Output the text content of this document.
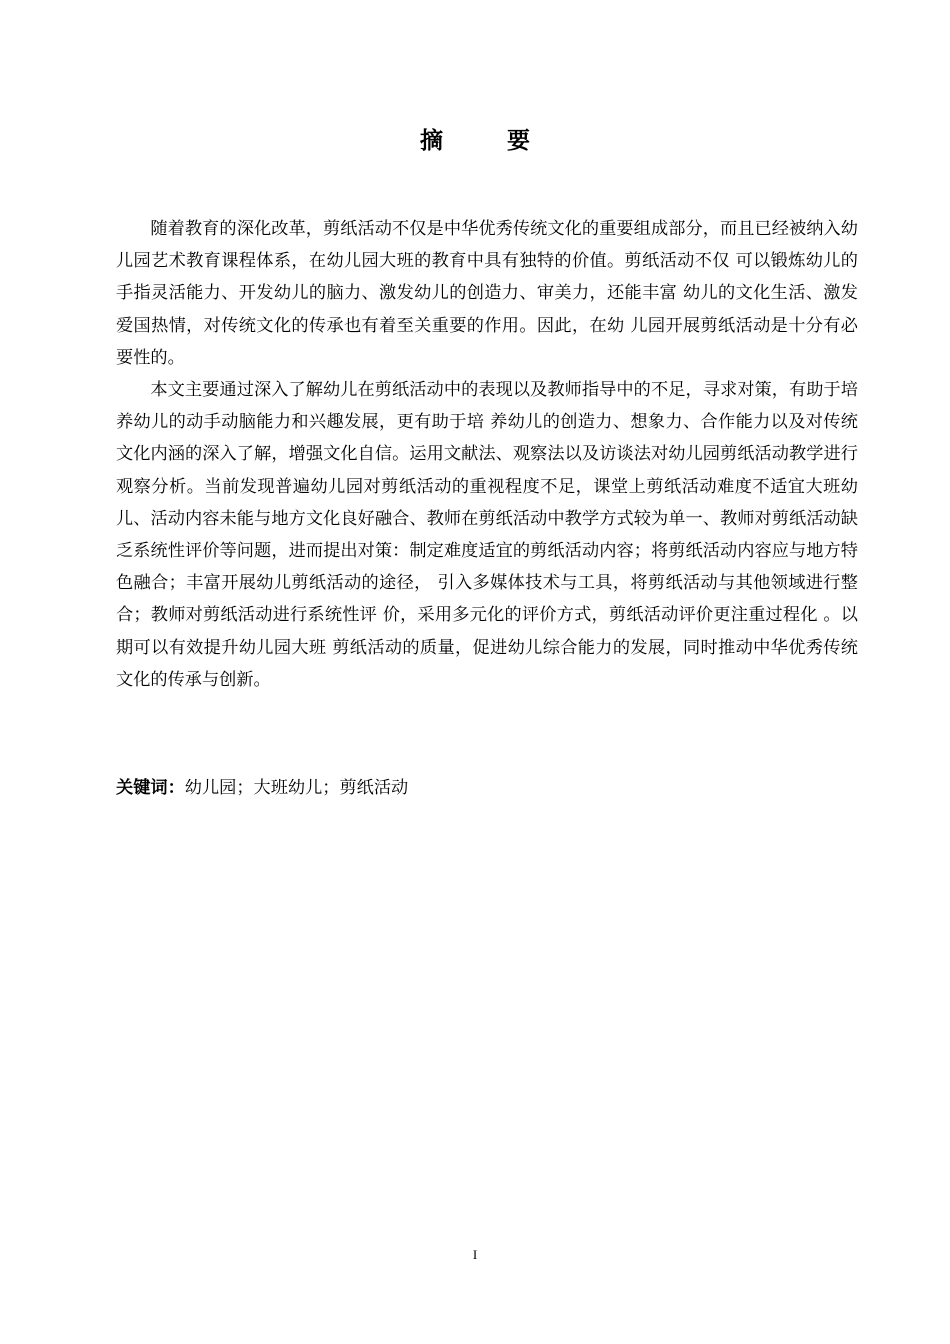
摘 要

随着教育的深化改革，剪纸活动不仅是中华优秀传统文化的重要组成部分，而且已经被纳入幼儿园艺术教育课程体系，在幼儿园大班的教育中具有独特的价值。剪纸活动不仅 可以锻炼幼儿的手指灵活能力、开发幼儿的脑力、激发幼儿的创造力、审美力，还能丰富 幼儿的文化生活、激发爱国热情，对传统文化的传承也有着至关重要的作用。因此，在幼 儿园开展剪纸活动是十分有必要性的。

本文主要通过深入了解幼儿在剪纸活动中的表现以及教师指导中的不足，寻求对策，有助于培养幼儿的动手动脑能力和兴趣发展，更有助于培 养幼儿的创造力、想象力、合作能力以及对传统文化内涵的深入了解，增强文化自信。运用文献法、观察法以及访谈法对幼儿园剪纸活动教学进行观察分析。当前发现普遍幼儿园对剪纸活动的重视程度不足，课堂上剪纸活动难度不适宜大班幼儿、活动内容未能与地方文化良好融合、教师在剪纸活动中教学方式较为单一、教师对剪纸活动缺乏系统性评价等问题，进而提出对策：制定难度适宜的剪纸活动内容；将剪纸活动内容应与地方特色融合；丰富开展幼儿剪纸活动的途径， 引入多媒体技术与工具，将剪纸活动与其他领域进行整合；教师对剪纸活动进行系统性评 价，采用多元化的评价方式，剪纸活动评价更注重过程化 。以期可以有效提升幼儿园大班 剪纸活动的质量，促进幼儿综合能力的发展，同时推动中华优秀传统文化的传承与创新。

关键词：幼儿园；大班幼儿；剪纸活动
I
